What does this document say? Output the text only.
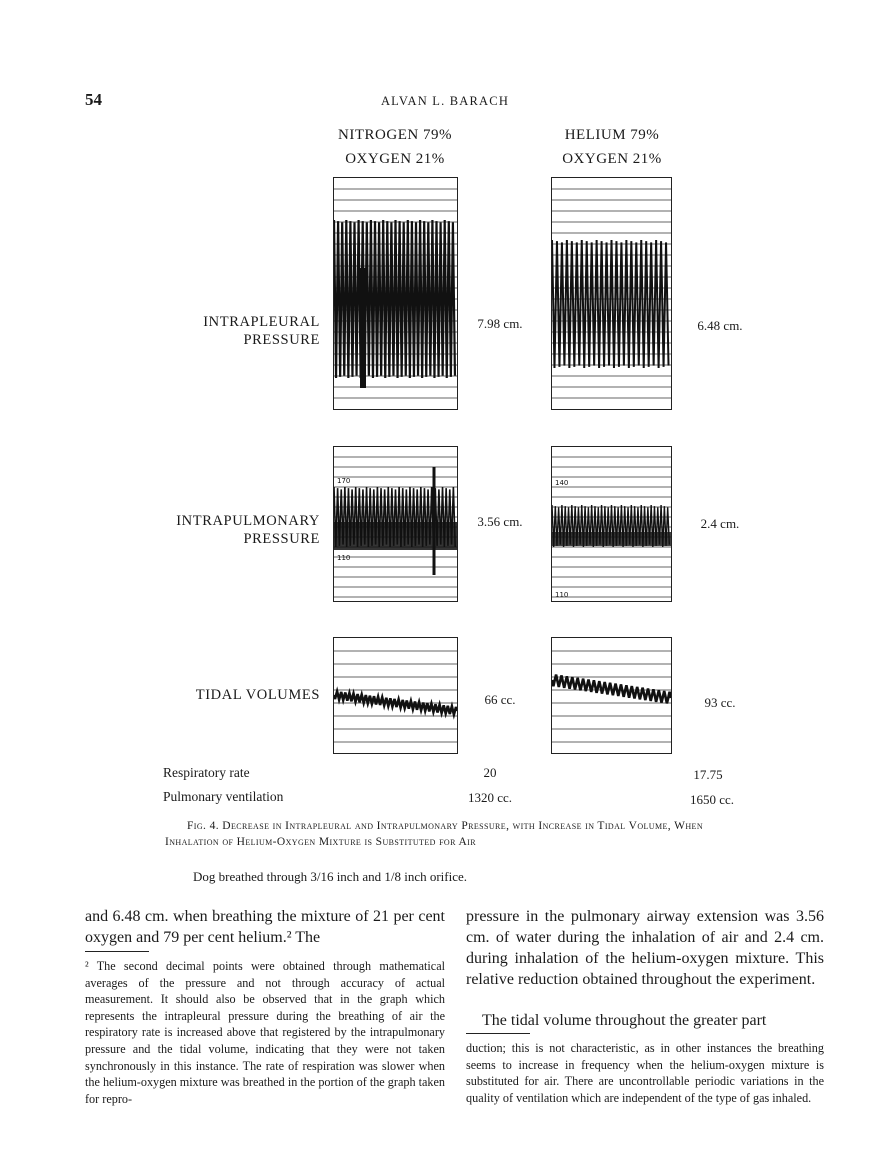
54	ALVAN L. BARACH
NITROGEN 79%
OXYGEN 21%
HELIUM 79%
OXYGEN 21%
INTRAPLEURAL
PRESSURE
7.98 cm.	6.48 cm.
INTRAPULMONARY
PRESSURE
170
110
140
110
3.56 cm.	2.4 cm.
TIDAL VOLUMES	66 cc.	93 cc.
Respiratory rate	20	17.75
Pulmonary ventilation	1320 cc.	1650 cc.
Fig. 4. Decrease in Intrapleural and Intrapulmonary Pressure, with Increase in Tidal Volume, When Inhalation of Helium-Oxygen Mixture is Substituted for Air
Dog breathed through 3/16 inch and 1/8 inch orifice.
and 6.48 cm. when breathing the mixture of 21 per cent oxygen and 79 per cent helium.² The
² The second decimal points were obtained through mathematical averages of the pressure and not through accuracy of actual measurement. It should also be observed that in the graph which represents the intrapleural pressure during the breathing of air the respiratory rate is increased above that registered by the intrapulmonary pressure and the tidal volume, indicating that they were not taken synchronously in this instance. The rate of respiration was slower when the helium-oxygen mixture was breathed in the portion of the graph taken for repro-
pressure in the pulmonary airway extension was 3.56 cm. of water during the inhalation of air and 2.4 cm. during inhalation of the helium-oxygen mixture. This relative reduction obtained throughout the experiment.
The tidal volume throughout the greater part
duction; this is not characteristic, as in other instances the breathing seems to increase in frequency when the helium-oxygen mixture is substituted for air. There are uncontrollable periodic variations in the quality of ventilation which are independent of the type of gas inhaled.
